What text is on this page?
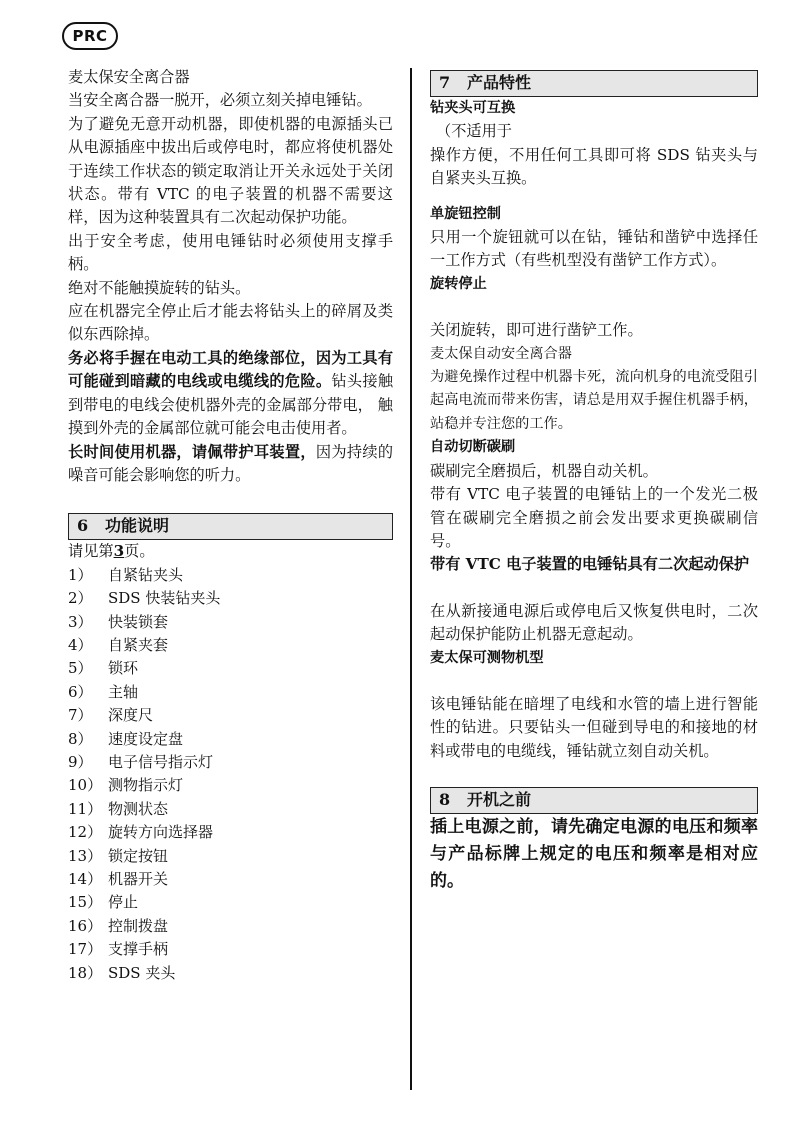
PRC

麦太保安全离合器

当安全离合器一脱开，必须立刻关掉电锤钻。

为了避免无意开动机器，即使机器的电源插头已从电源插座中拔出后或停电时，都应将使机器处于连续工作状态的锁定取消让开关永远处于关闭状态。带有 VTC 的电子装置的机器不需要这样，因为这种装置具有二次起动保护功能。

出于安全考虑，使用电锤钻时必须使用支撑手柄。

绝对不能触摸旋转的钻头。

应在机器完全停止后才能去将钻头上的碎屑及类似东西除掉。

务必将手握在电动工具的绝缘部位，因为工具有可能碰到暗藏的电线或电缆线的危险。钻头接触到带电的电线会使机器外壳的金属部分带电， 触摸到外壳的金属部位就可能会电击使用者。

长时间使用机器，请佩带护耳装置，因为持续的噪音可能会影响您的听力。

6 功能说明

请见第3页。

1）	自紧钻夹头
2）	SDS 快装钻夹头
3）	快装锁套
4）	自紧夹套
5）	锁环
6）	主轴
7）	深度尺
8）	速度设定盘
9）	电子信号指示灯
10） 测物指示灯
11） 物测状态
12） 旋转方向选择器
13） 锁定按钮
14） 机器开关
15） 停止
16） 控制拨盘
17） 支撑手柄
18） SDS 夹头
7 产品特性

钻夹头可互换

（不适用于

操作方便，不用任何工具即可将 SDS 钻夹头与自紧夹头互换。

单旋钮控制

只用一个旋钮就可以在钻，锤钻和凿铲中选择任一工作方式（有些机型没有凿铲工作方式）。

旋转停止

关闭旋转，即可进行凿铲工作。

麦太保自动安全离合器

为避免操作过程中机器卡死，流向机身的电流受阻引起高电流而带来伤害，请总是用双手握住机器手柄，站稳并专注您的工作。

自动切断碳刷

碳刷完全磨损后，机器自动关机。

带有 VTC 电子装置的电锤钻上的一个发光二极管在碳刷完全磨损之前会发出要求更换碳刷信号。

带有 VTC 电子装置的电锤钻具有二次起动保护

在从新接通电源后或停电后又恢复供电时，二次起动保护能防止机器无意起动。

麦太保可测物机型

该电锤钻能在暗埋了电线和水管的墙上进行智能性的钻进。只要钻头一但碰到导电的和接地的材料或带电的电缆线，锤钻就立刻自动关机。

8 开机之前

插上电源之前，请先确定电源的电压和频率与产品标牌上规定的电压和频率是相对应的。
